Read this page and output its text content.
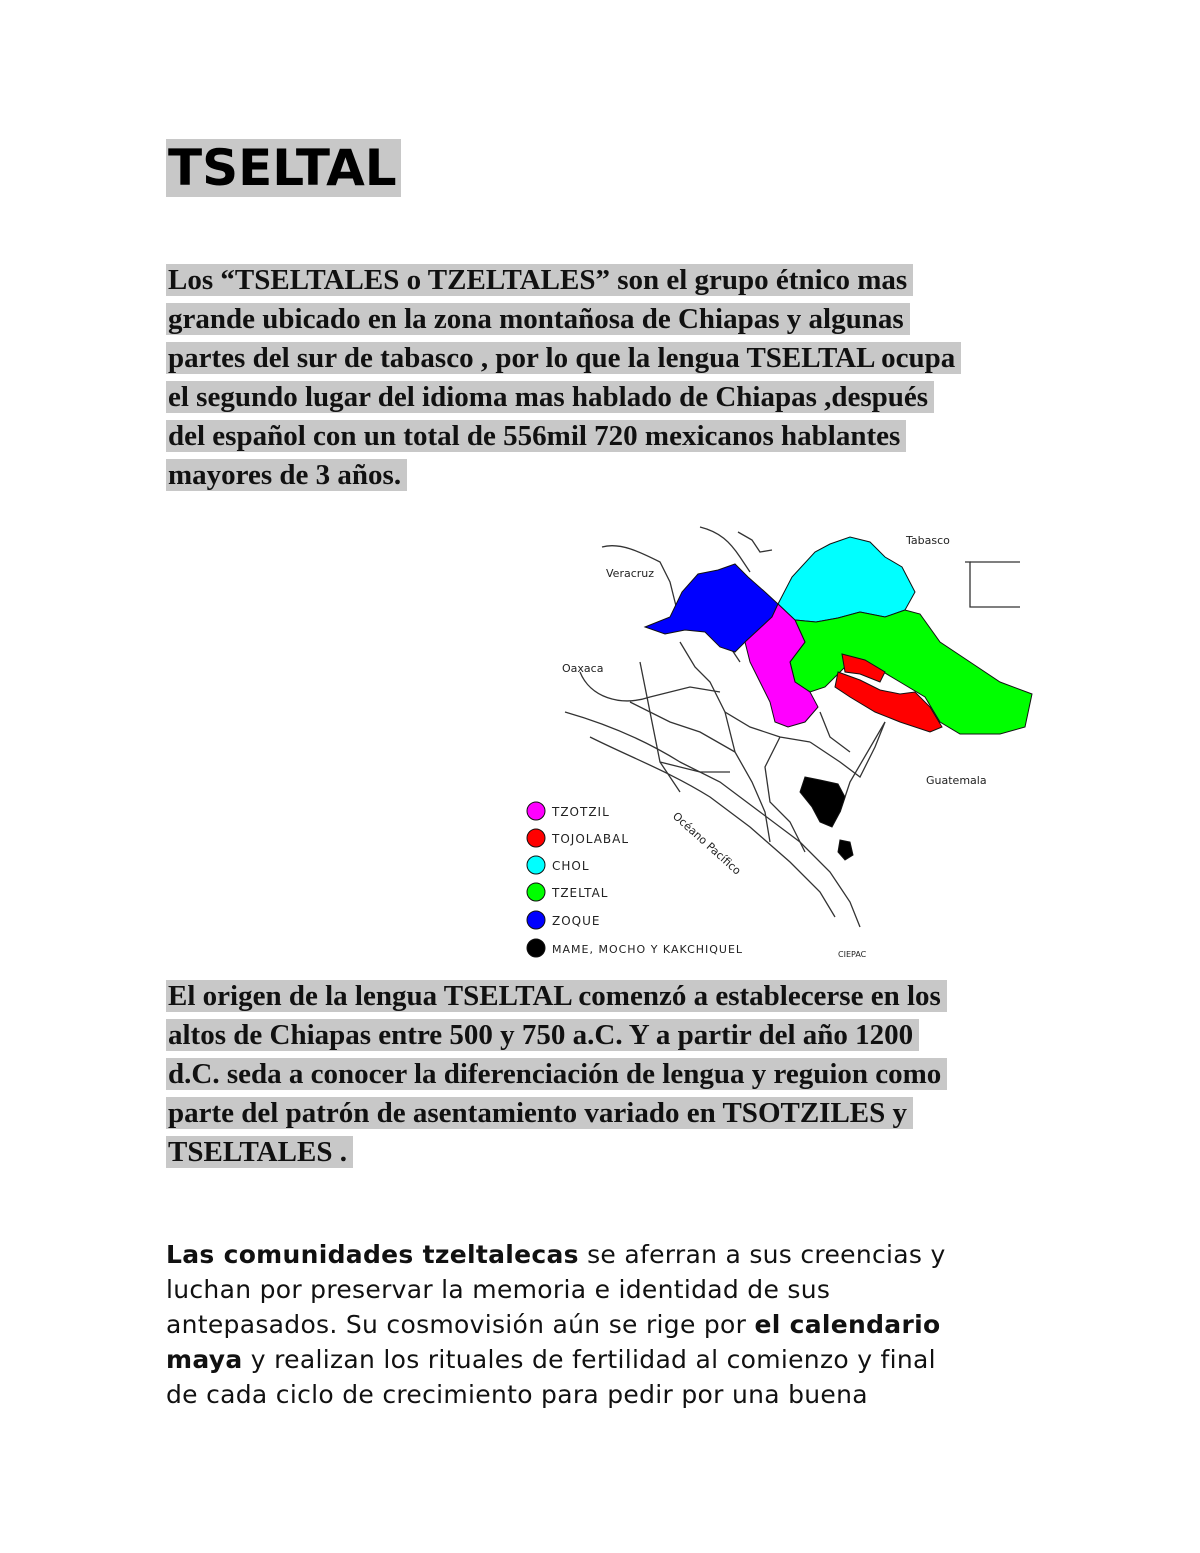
TSELTAL
Los “TSELTALES o TZELTALES” son el grupo étnico mas
grande ubicado en la zona montañosa de Chiapas y algunas
partes del sur de tabasco , por lo que la lengua TSELTAL ocupa
el segundo lugar del idioma mas hablado de Chiapas ,después
del español con un total de 556mil 720 mexicanos hablantes
mayores de 3 años.
Tabasco
Veracruz
Oaxaca
Guatemala
Océano Pacífico
CIEPAC
TZOTZIL
TOJOLABAL
CHOL
TZELTAL
ZOQUE
MAME, MOCHO Y KAKCHIQUEL
El origen de la lengua TSELTAL comenzó a establecerse en los
altos de Chiapas entre 500 y 750 a.C. Y a partir del año 1200
d.C. seda a conocer la diferenciación de lengua y reguion como
parte del patrón de asentamiento variado en TSOTZILES y
TSELTALES .
Las comunidades tzeltalecas se aferran a sus creencias y
luchan por preservar la memoria e identidad de sus
antepasados. Su cosmovisión aún se rige por el calendario
maya y realizan los rituales de fertilidad al comienzo y final
de cada ciclo de crecimiento para pedir por una buena
